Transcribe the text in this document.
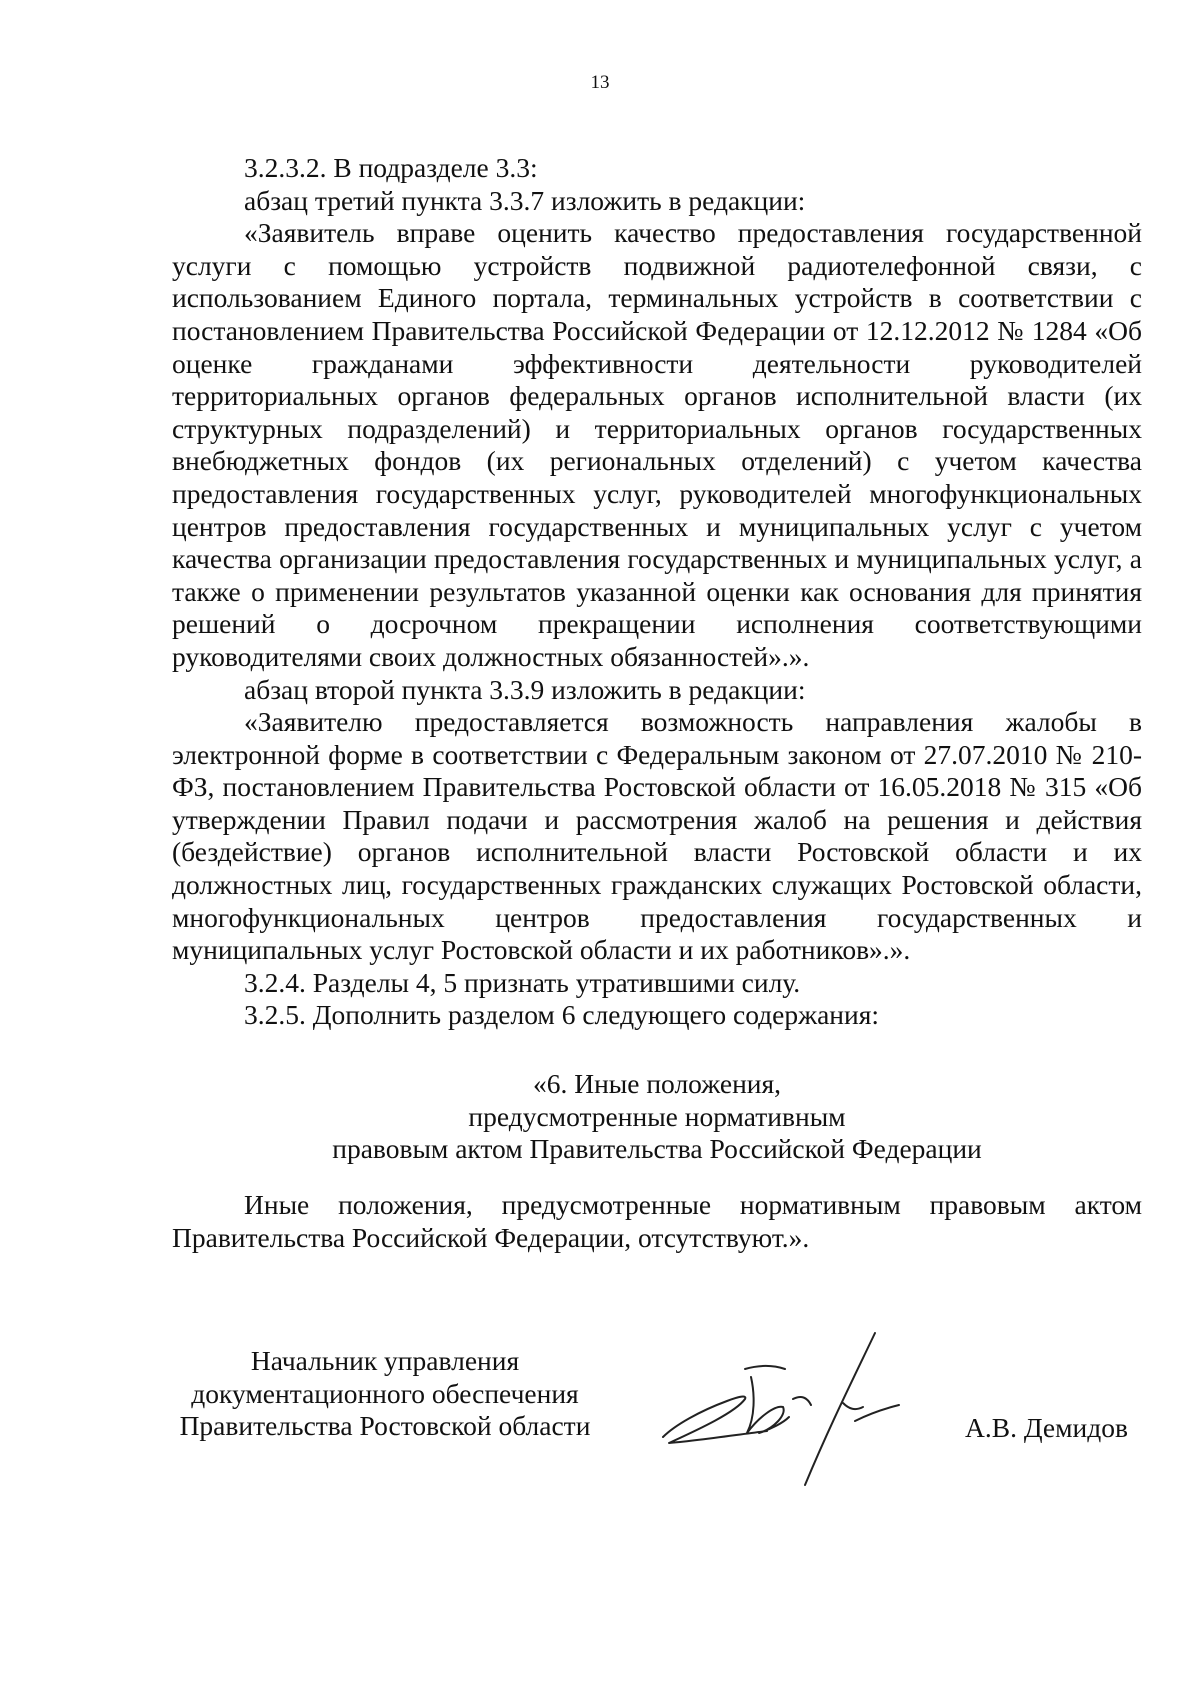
13

3.2.3.2. В подразделе 3.3:

абзац третий пункта 3.3.7 изложить в редакции:

«Заявитель вправе оценить качество предоставления государственной услуги с помощью устройств подвижной радиотелефонной связи, с использованием Единого портала, терминальных устройств в соответствии с постановлением Правительства Российской Федерации от 12.12.2012 № 1284 «Об оценке гражданами эффективности деятельности руководителей территориальных органов федеральных органов исполнительной власти (их структурных подразделений) и территориальных органов государственных внебюджетных фондов (их региональных отделений) с учетом качества предоставления государственных услуг, руководителей многофункциональных центров предоставления государственных и муниципальных услуг с учетом качества организации предоставления государственных и муниципальных услуг, а также о применении результатов указанной оценки как основания для принятия решений о досрочном прекращении исполнения соответствующими руководителями своих должностных обязанностей».».

абзац второй пункта 3.3.9 изложить в редакции:

«Заявителю предоставляется возможность направления жалобы в электронной форме в соответствии с Федеральным законом от 27.07.2010 № 210-ФЗ, постановлением Правительства Ростовской области от 16.05.2018 № 315 «Об утверждении Правил подачи и рассмотрения жалоб на решения и действия (бездействие) органов исполнительной власти Ростовской области и их должностных лиц, государственных гражданских служащих Ростовской области, многофункциональных центров предоставления государственных и муниципальных услуг Ростовской области и их работников».».

3.2.4. Разделы 4, 5 признать утратившими силу.

3.2.5. Дополнить разделом 6 следующего содержания:

«6. Иные положения,
предусмотренные нормативным
правовым актом Правительства Российской Федерации

Иные положения, предусмотренные нормативным правовым актом Правительства Российской Федерации, отсутствуют.».

Начальник управления
документационного обеспечения
Правительства Ростовской области	А.В. Демидов
